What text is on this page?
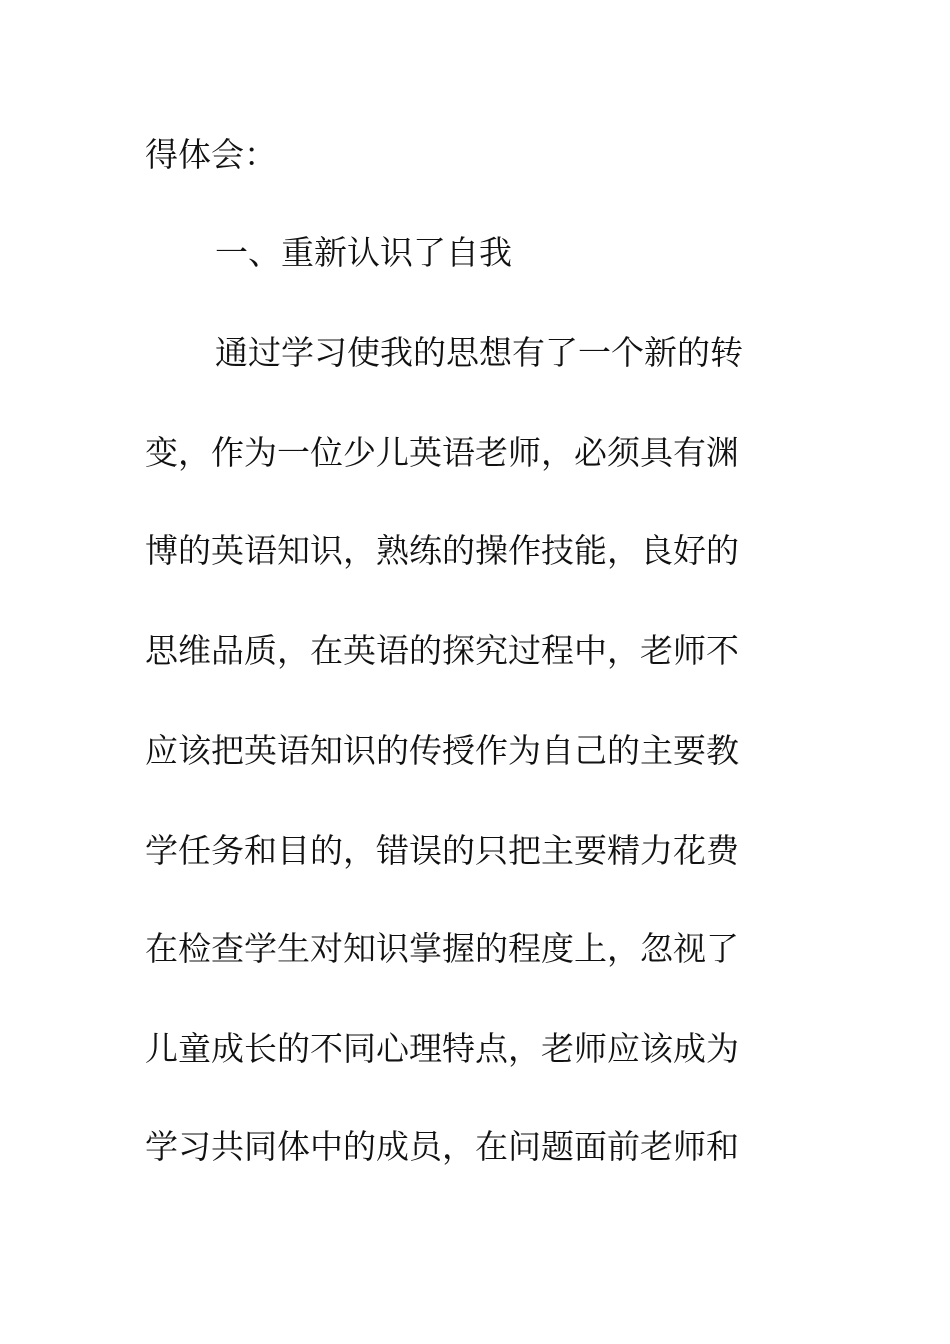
得体会：
一、重新认识了自我
通过学习使我的思想有了一个新的转
变，作为一位少儿英语老师，必须具有渊
博的英语知识，熟练的操作技能，良好的
思维品质，在英语的探究过程中，老师不
应该把英语知识的传授作为自己的主要教
学任务和目的，错误的只把主要精力花费
在检查学生对知识掌握的程度上，忽视了
儿童成长的不同心理特点，老师应该成为
学习共同体中的成员，在问题面前老师和
